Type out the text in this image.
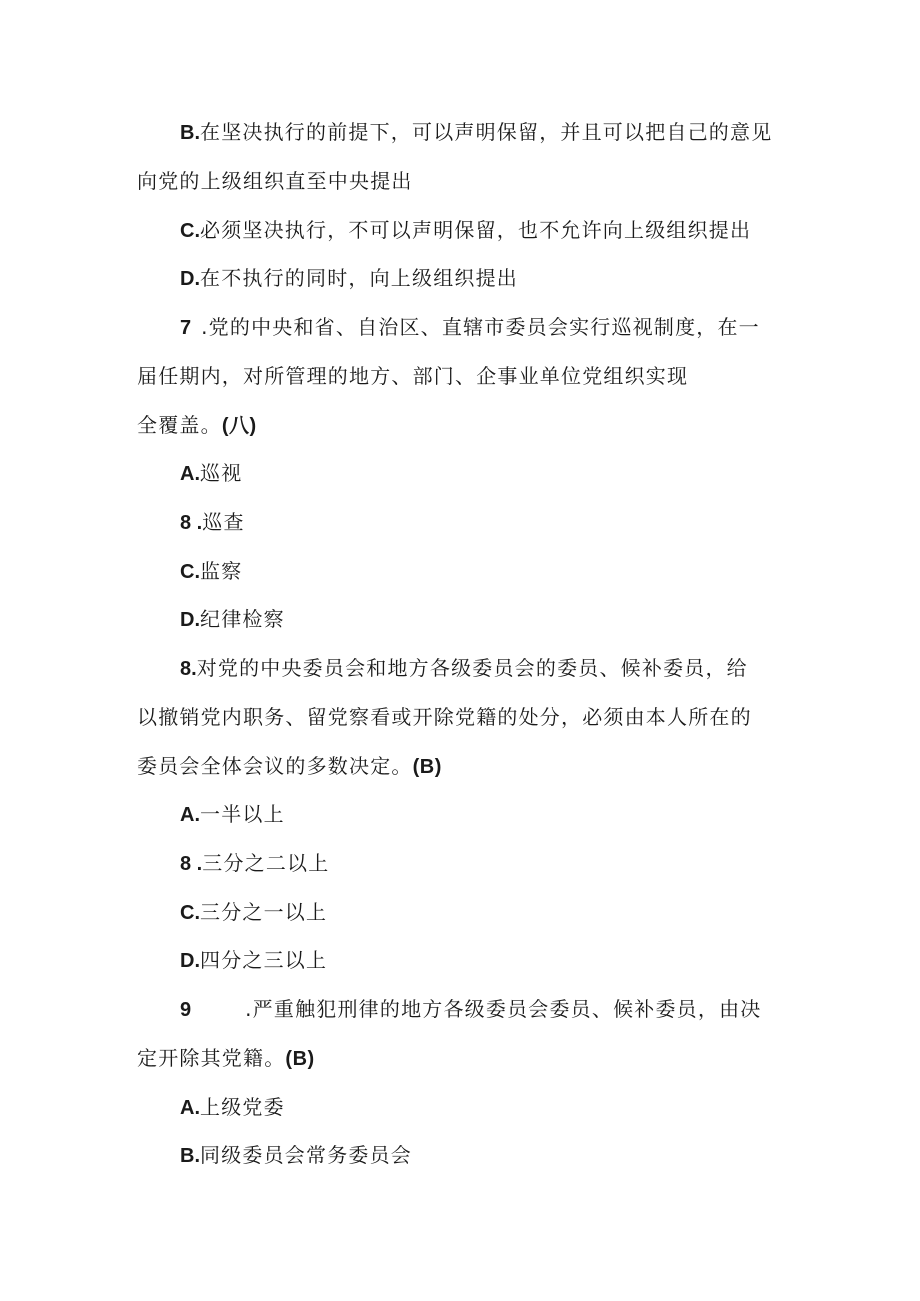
B.在坚决执行的前提下，可以声明保留，并且可以把自己的意见
向党的上级组织直至中央提出
C.必须坚决执行，不可以声明保留，也不允许向上级组织提出
D.在不执行的同时，向上级组织提出
7 .党的中央和省、自治区、直辖市委员会实行巡视制度，在一
届任期内，对所管理的地方、部门、企事业单位党组织实现
全覆盖。(八)
A.巡视
8 .巡查
C.监察
D.纪律检察
8.对党的中央委员会和地方各级委员会的委员、候补委员，给
以撤销党内职务、留党察看或开除党籍的处分，必须由本人所在的
委员会全体会议的多数决定。(B)
A.一半以上
8 .三分之二以上
C.三分之一以上
D.四分之三以上
9	.严重触犯刑律的地方各级委员会委员、候补委员，由决
定开除其党籍。(B)
A.上级党委
B.同级委员会常务委员会
